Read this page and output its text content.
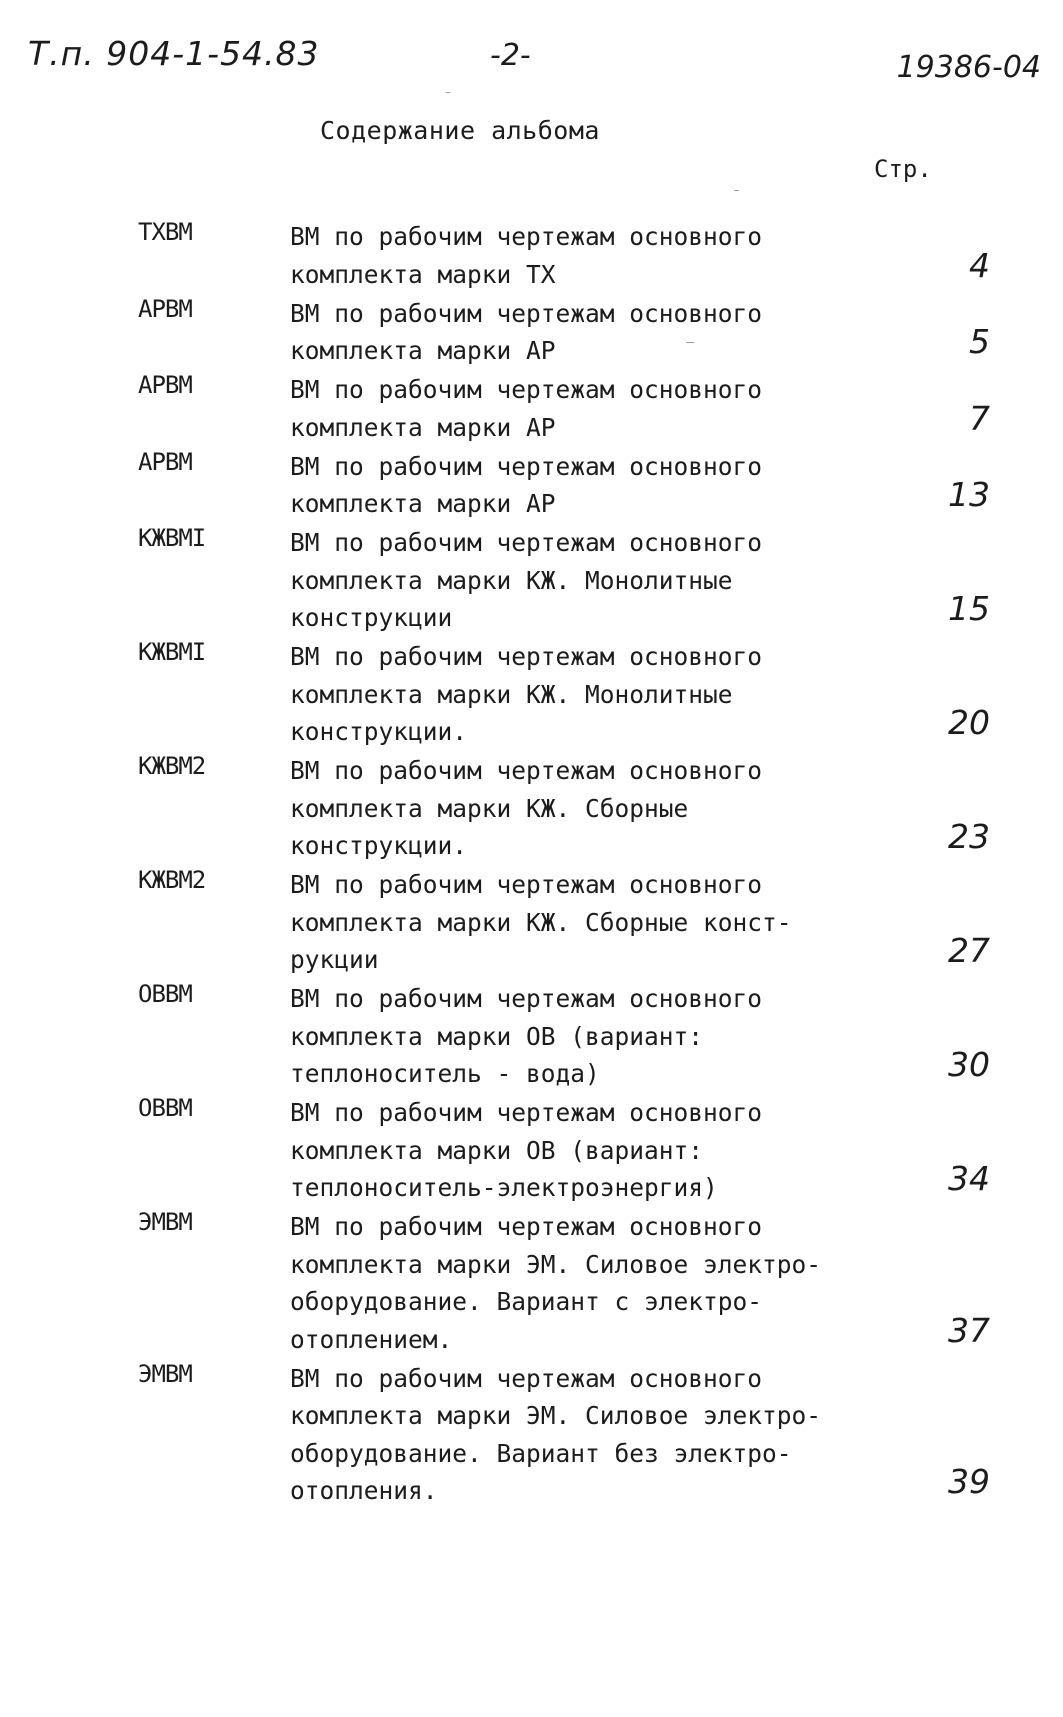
Т.п. 904-1-54.83	-2-	19386-04
Содержание альбома
Стр.
ТХВМ	ВМ по рабочим чертежам основного
комплекта марки ТХ	4
АРВМ	ВМ по рабочим чертежам основного
комплекта марки АР	5
АРВМ	ВМ по рабочим чертежам основного
комплекта марки АР	7
АРВМ	ВМ по рабочим чертежам основного
комплекта марки АР	13
КЖВМI	ВМ по рабочим чертежам основного
комплекта марки КЖ. Монолитные
конструкции	15
КЖВМI	ВМ по рабочим чертежам основного
комплекта марки КЖ. Монолитные
конструкции.	20
КЖВМ2	ВМ по рабочим чертежам основного
комплекта марки КЖ. Сборные
конструкции.	23
КЖВМ2	ВМ по рабочим чертежам основного
комплекта марки КЖ. Сборные конст-
рукции	27
ОВВМ	ВМ по рабочим чертежам основного
комплекта марки ОВ (вариант:
теплоноситель - вода)	30
ОВВМ	ВМ по рабочим чертежам основного
комплекта марки ОВ (вариант:
теплоноситель-электроэнергия)	34
ЭМВМ	ВМ по рабочим чертежам основного
комплекта марки ЭМ. Силовое электро-
оборудование. Вариант с электро-
отоплением.	37
ЭМВМ	ВМ по рабочим чертежам основного
комплекта марки ЭМ. Силовое электро-
оборудование. Вариант без электро-
отопления.	39
